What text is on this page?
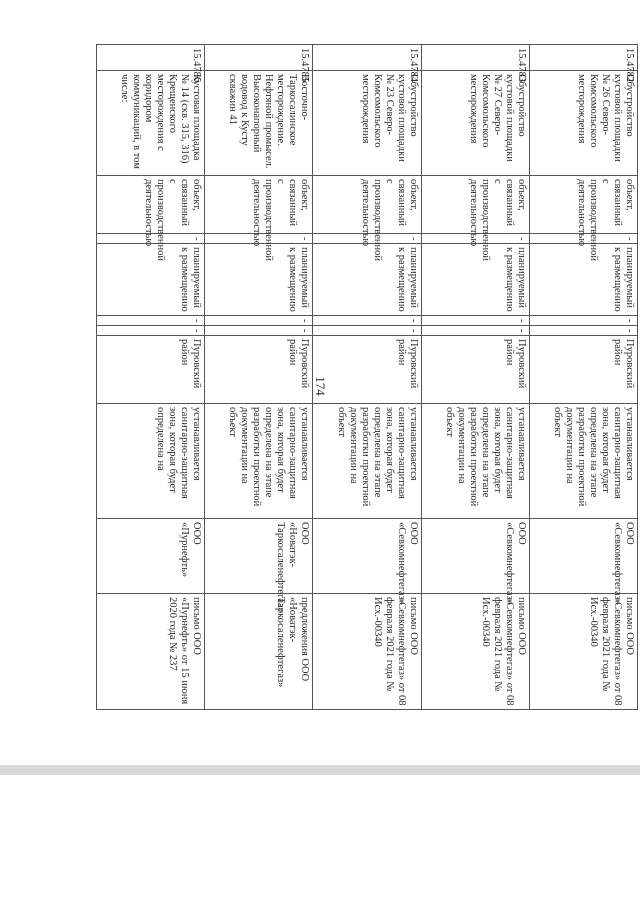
174
15.4782	Обустройство кустовой площадки № 26 Северо-Комсомольского месторождения	объект, связанный с производственной деятельностью	-	планируемый к размещению	-	-	Пуровский район	устанавливается санитарно-защитная зона, которая будет определена на этапе разработки проектной документации на объект	ООО «Севкомнефтегаз»	письмо ООО «Севкомнефтегаз» от 08 февраля 2021 года № Исх.-00340
15.4783	Обустройство кустовой площадки № 27 Северо-Комсомольского месторождения	объект, связанный с производственной деятельностью	-	планируемый к размещению	-	-	Пуровский район	устанавливается санитарно-защитная зона, которая будет определена на этапе разработки проектной документации на объект	ООО «Севкомнефтегаз»	письмо ООО «Севкомнефтегаз» от 08 февраля 2021 года № Исх.-00340
15.4784	Обустройство кустовой площадки № 23 Северо-Комсомольского месторождения	объект, связанный с производственной деятельностью	-	планируемый к размещению	-	-	Пуровский район	устанавливается санитарно-защитная зона, которая будет определена на этапе разработки проектной документации на объект	ООО «Севкомнефтегаз»	письмо ООО «Севкомнефтегаз» от 08 февраля 2021 года № Исх.-00340
15.4785	Восточно-Таркосалинское месторождение. Нефтяной промысел. Высоконапорный водовод к Кусту скважин 41	объект, связанный с производственной деятельностью	-	планируемый к размещению	-	-	Пуровский район	устанавливается санитарно-защитная зона, которая будет определена на этапе разработки проектной документации на объект	ООО «Новатэк-Таркосаленефтегаз»	предложения ООО «Новатэк-Таркосаленефтегаз»
15.4786	Кустовая площадка № 14 (скв. 315, 316) Крещенского месторождения с коридором коммуникаций, в том числе:	объект, связанный с производственной деятельностью	-	планируемый к размещению	-	-	Пуровский район	устанавливается санитарно-защитная зона, которая будет определена на	ООО «Пурнефть»	письмо ООО «Пурнефть» от 15 июня 2020 года № 237
